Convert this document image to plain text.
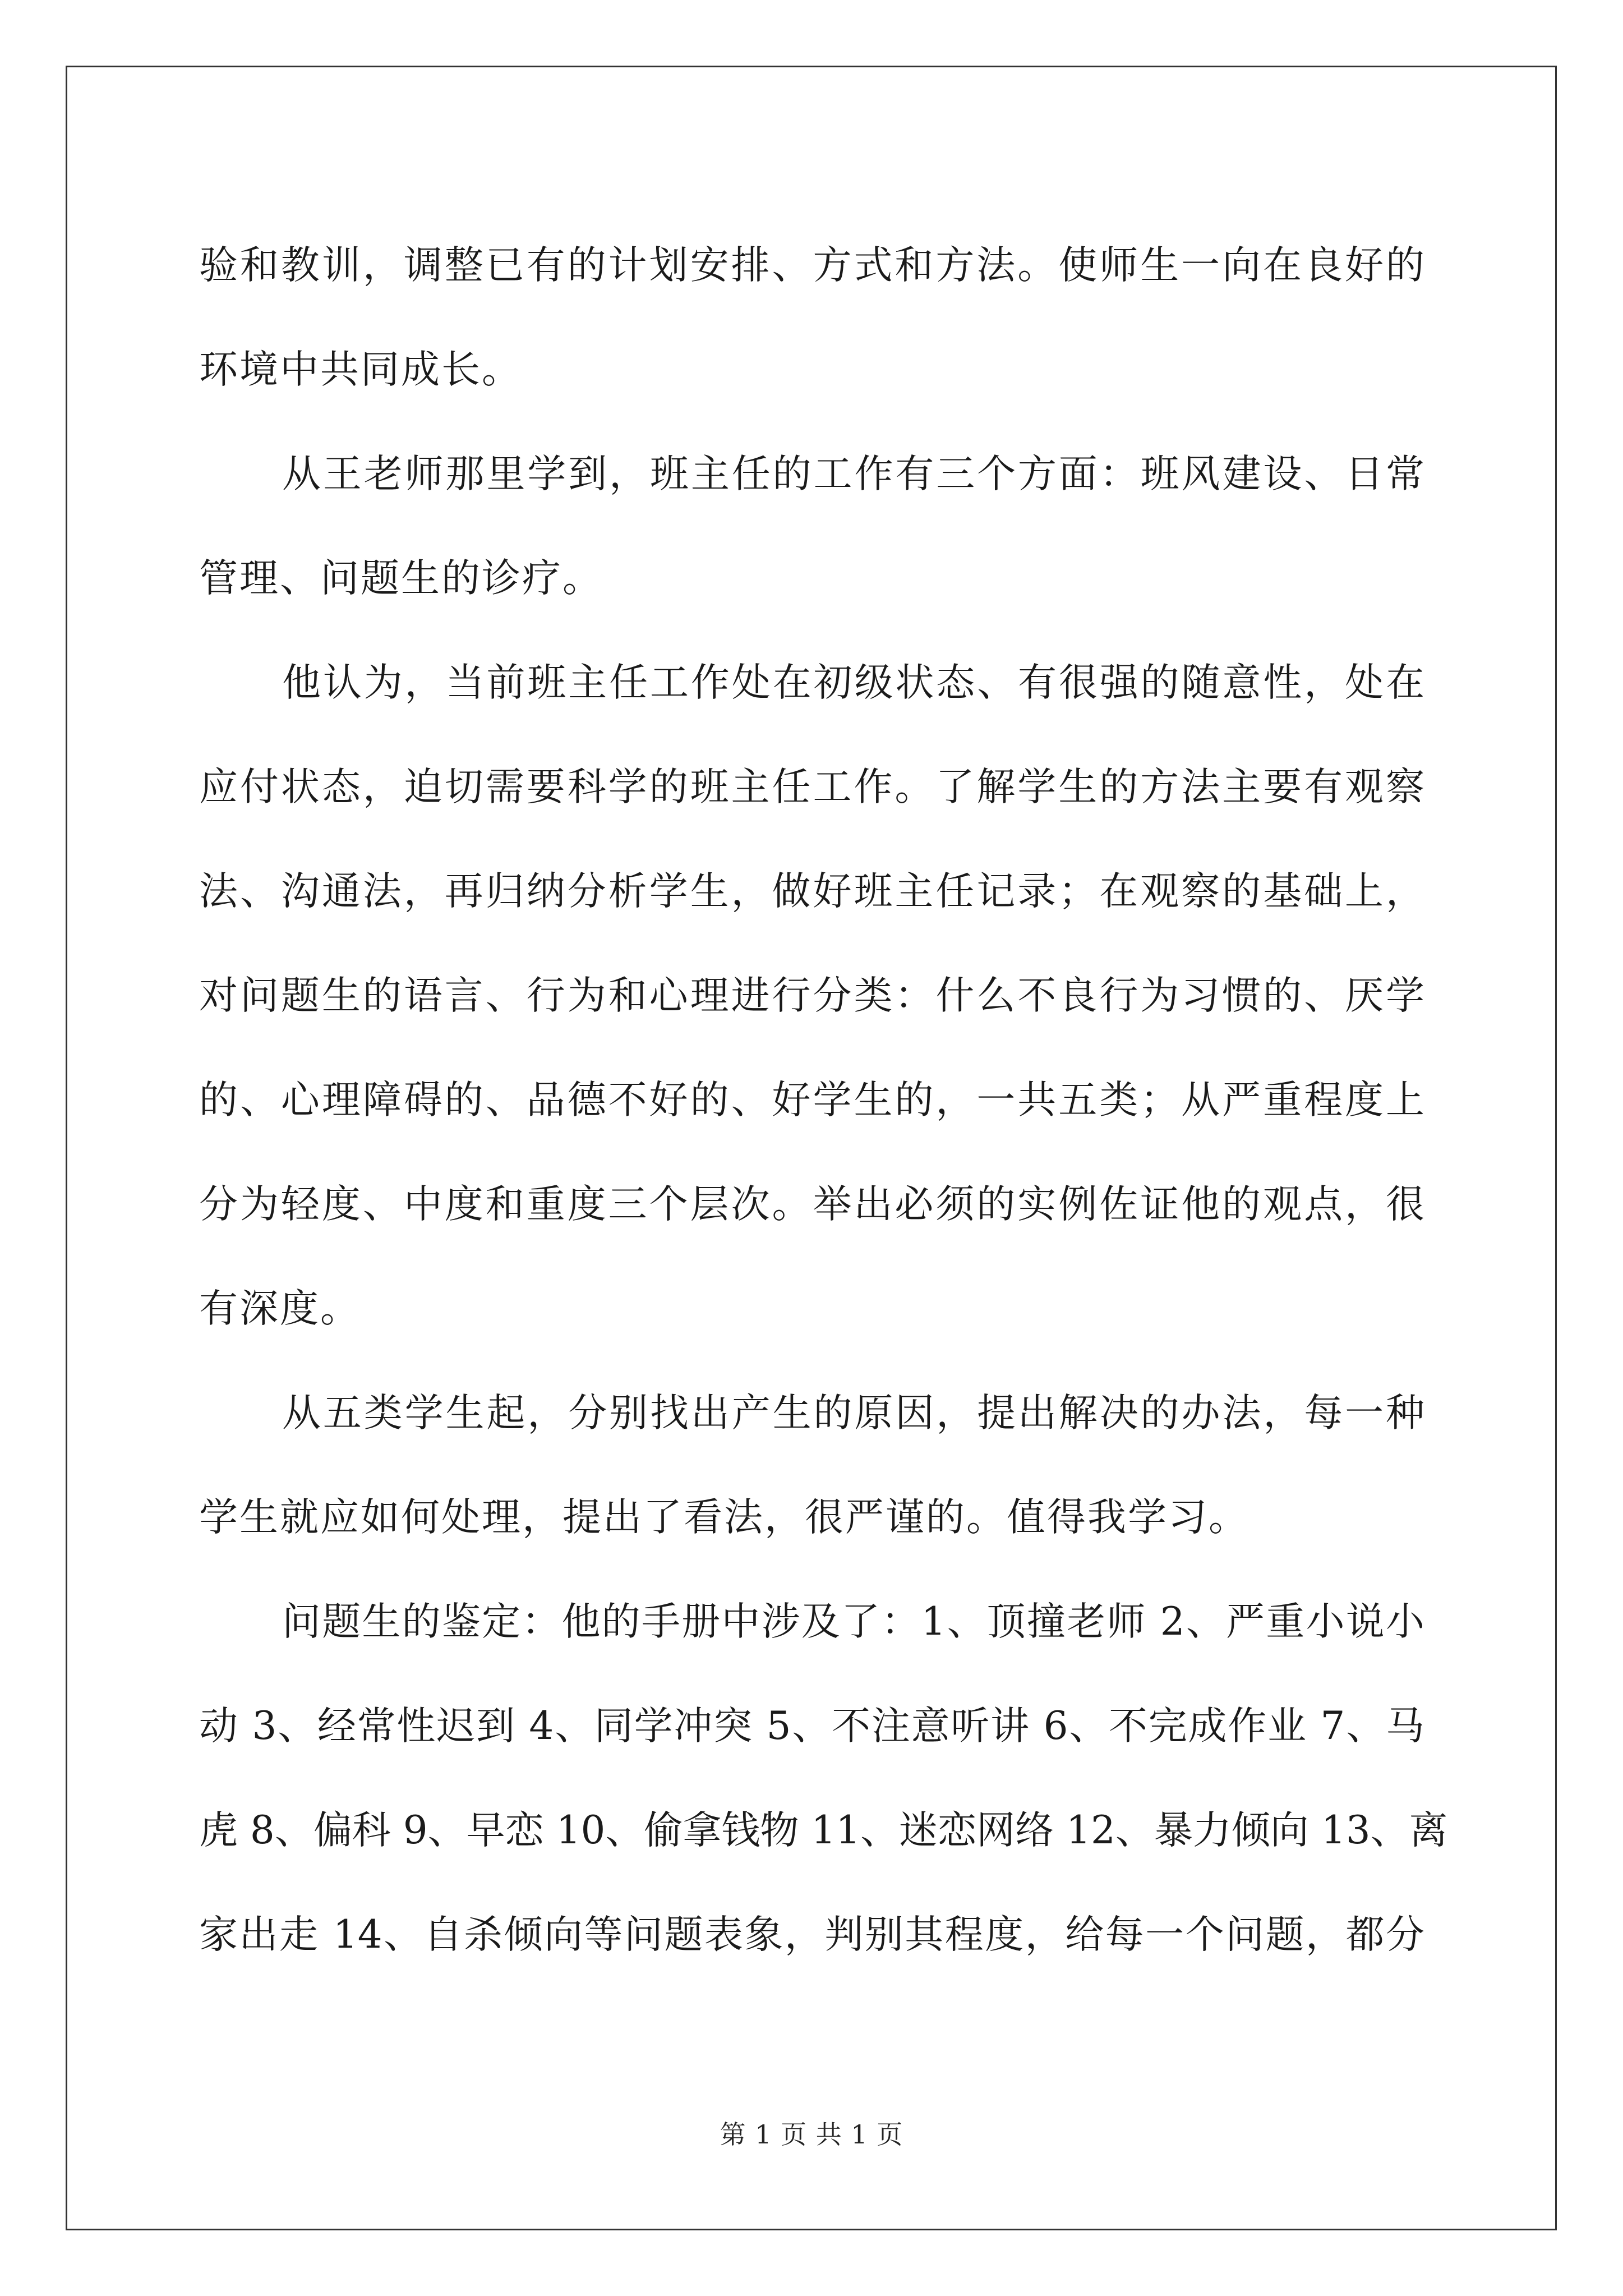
验和教训，调整已有的计划安排、方式和方法。使师生一向在良好的
环境中共同成长。
从王老师那里学到，班主任的工作有三个方面：班风建设、日常
管理、问题生的诊疗。
他认为，当前班主任工作处在初级状态、有很强的随意性，处在
应付状态，迫切需要科学的班主任工作。了解学生的方法主要有观察
法、沟通法，再归纳分析学生，做好班主任记录；在观察的基础上，
对问题生的语言、行为和心理进行分类：什么不良行为习惯的、厌学
的、心理障碍的、品德不好的、好学生的，一共五类；从严重程度上
分为轻度、中度和重度三个层次。举出必须的实例佐证他的观点，很
有深度。
从五类学生起，分别找出产生的原因，提出解决的办法，每一种
学生就应如何处理，提出了看法，很严谨的。值得我学习。
问题生的鉴定：他的手册中涉及了：1、顶撞老师 2、严重小说小
动 3、经常性迟到 4、同学冲突 5、不注意听讲 6、不完成作业 7、马
虎 8、偏科 9、早恋 10、偷拿钱物 11、迷恋网络 12、暴力倾向 13、离
家出走 14、自杀倾向等问题表象，判别其程度，给每一个问题，都分
第 1 页 共 1 页
